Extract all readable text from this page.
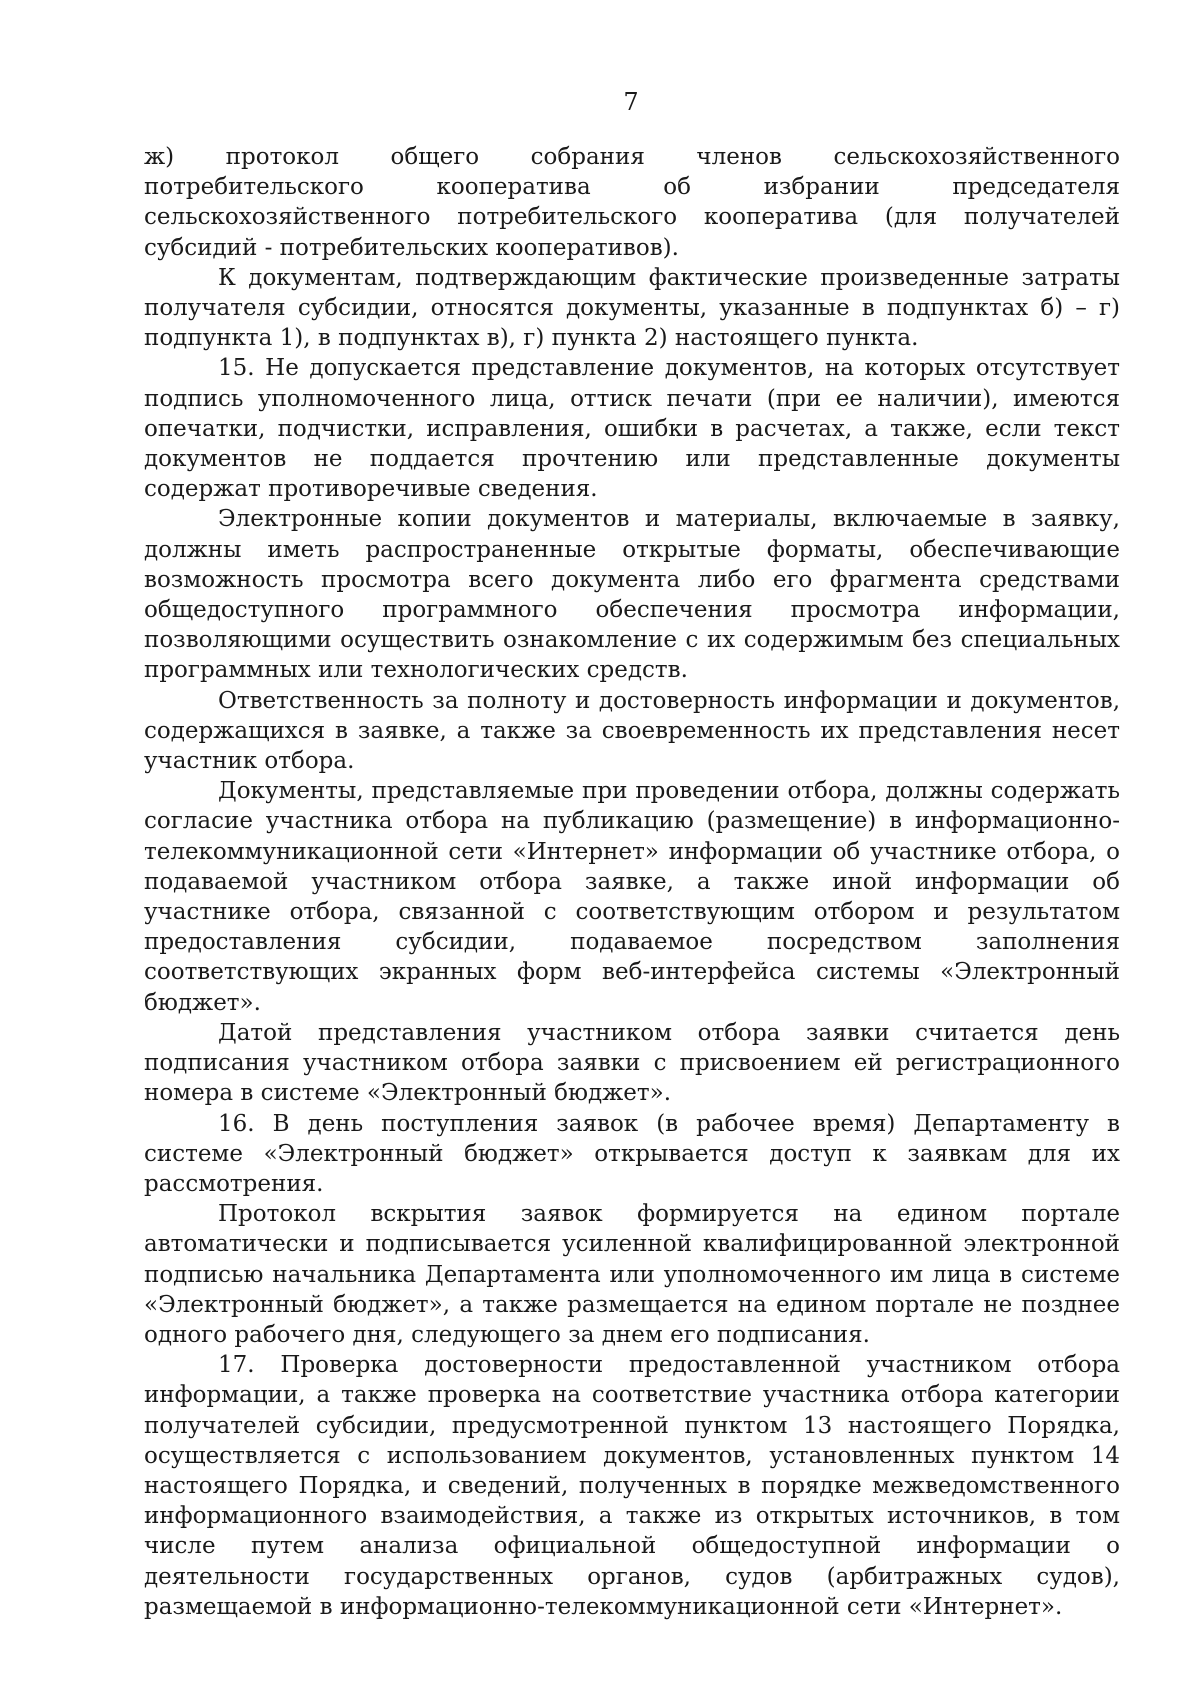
7

ж) протокол общего собрания членов сельскохозяйственного потребительского кооператива об избрании председателя сельскохозяйственного потребительского кооператива (для получателей субсидий - потребительских кооперативов).

К документам, подтверждающим фактические произведенные затраты получателя субсидии, относятся документы, указанные в подпунктах б) – г) подпункта 1), в подпунктах в), г) пункта 2) настоящего пункта.

15. Не допускается представление документов, на которых отсутствует подпись уполномоченного лица, оттиск печати (при ее наличии), имеются опечатки, подчистки, исправления, ошибки в расчетах, а также, если текст документов не поддается прочтению или представленные документы содержат противоречивые сведения.

Электронные копии документов и материалы, включаемые в заявку, должны иметь распространенные открытые форматы, обеспечивающие возможность просмотра всего документа либо его фрагмента средствами общедоступного программного обеспечения просмотра информации, позволяющими осуществить ознакомление с их содержимым без специальных программных или технологических средств.

Ответственность за полноту и достоверность информации и документов, содержащихся в заявке, а также за своевременность их представления несет участник отбора.

Документы, представляемые при проведении отбора, должны содержать согласие участника отбора на публикацию (размещение) в информационно-телекоммуникационной сети «Интернет» информации об участнике отбора, о подаваемой участником отбора заявке, а также иной информации об участнике отбора, связанной с соответствующим отбором и результатом предоставления субсидии, подаваемое посредством заполнения соответствующих экранных форм веб-интерфейса системы «Электронный бюджет».

Датой представления участником отбора заявки считается день подписания участником отбора заявки с присвоением ей регистрационного номера в системе «Электронный бюджет».

16. В день поступления заявок (в рабочее время) Департаменту в системе «Электронный бюджет» открывается доступ к заявкам для их рассмотрения.

Протокол вскрытия заявок формируется на едином портале автоматически и подписывается усиленной квалифицированной электронной подписью начальника Департамента или уполномоченного им лица в системе «Электронный бюджет», а также размещается на едином портале не позднее одного рабочего дня, следующего за днем его подписания.

17. Проверка достоверности предоставленной участником отбора информации, а также проверка на соответствие участника отбора категории получателей субсидии, предусмотренной пунктом 13 настоящего Порядка, осуществляется с использованием документов, установленных пунктом 14 настоящего Порядка, и сведений, полученных в порядке межведомственного информационного взаимодействия, а также из открытых источников, в том числе путем анализа официальной общедоступной информации о деятельности государственных органов, судов (арбитражных судов), размещаемой в информационно-телекоммуникационной сети «Интернет».
